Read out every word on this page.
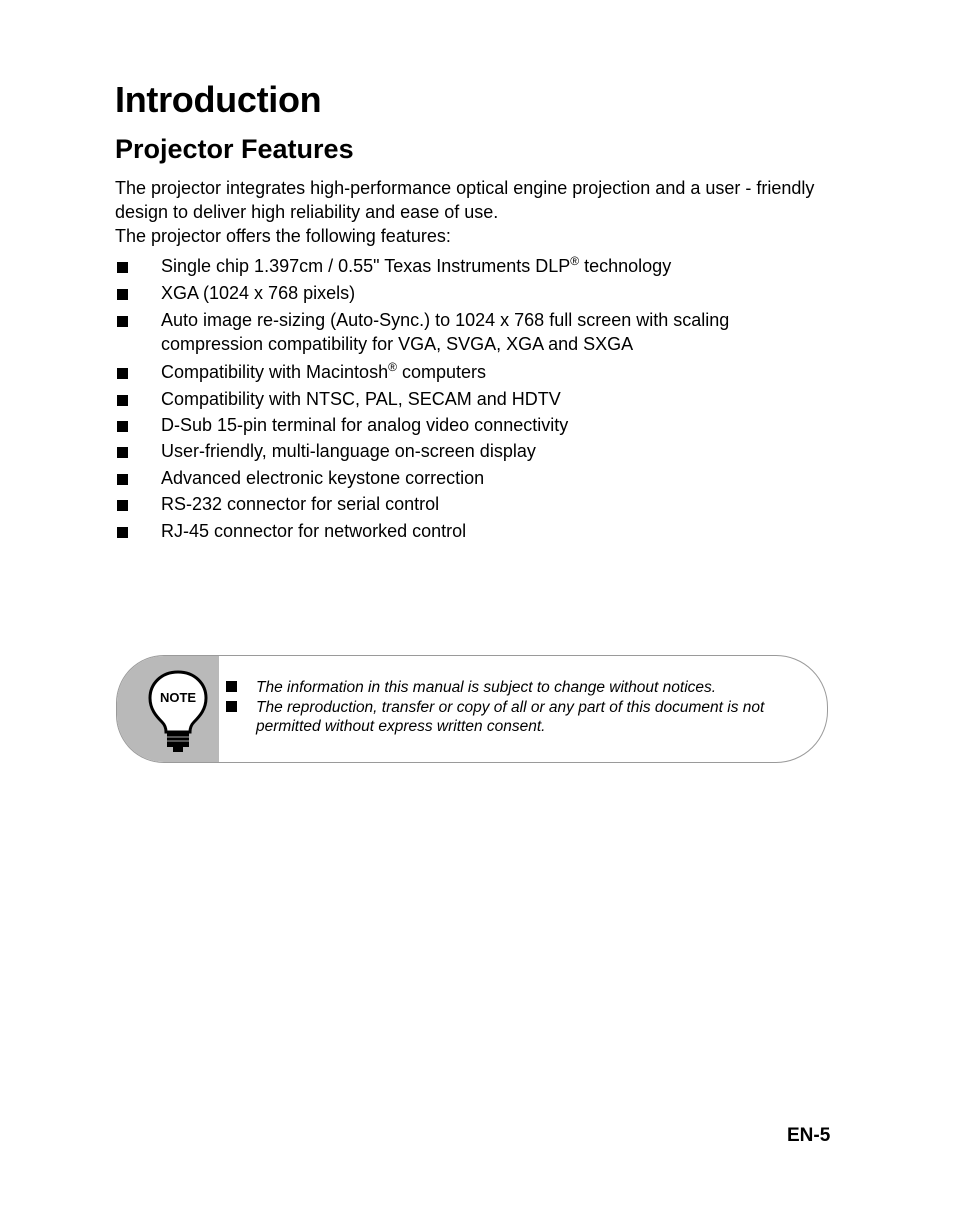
Introduction
Projector Features

The projector integrates high-performance optical engine projection and a user - friendly design to deliver high reliability and ease of use.

The projector offers the following features:

Single chip 1.397cm / 0.55" Texas Instruments DLP® technology
XGA (1024 x 768 pixels)
Auto image re-sizing (Auto-Sync.) to 1024 x 768 full screen with scaling compression compatibility for VGA, SVGA, XGA and SXGA
Compatibility with Macintosh® computers
Compatibility with NTSC, PAL, SECAM and HDTV
D-Sub 15-pin terminal for analog video connectivity
User-friendly, multi-language on-screen display
Advanced electronic keystone correction
RS-232 connector for serial control
RJ-45 connector for networked control
NOTE
The information in this manual is subject to change without notices.
The reproduction, transfer or copy of all or any part of this document is not permitted without express written consent.
EN-5
